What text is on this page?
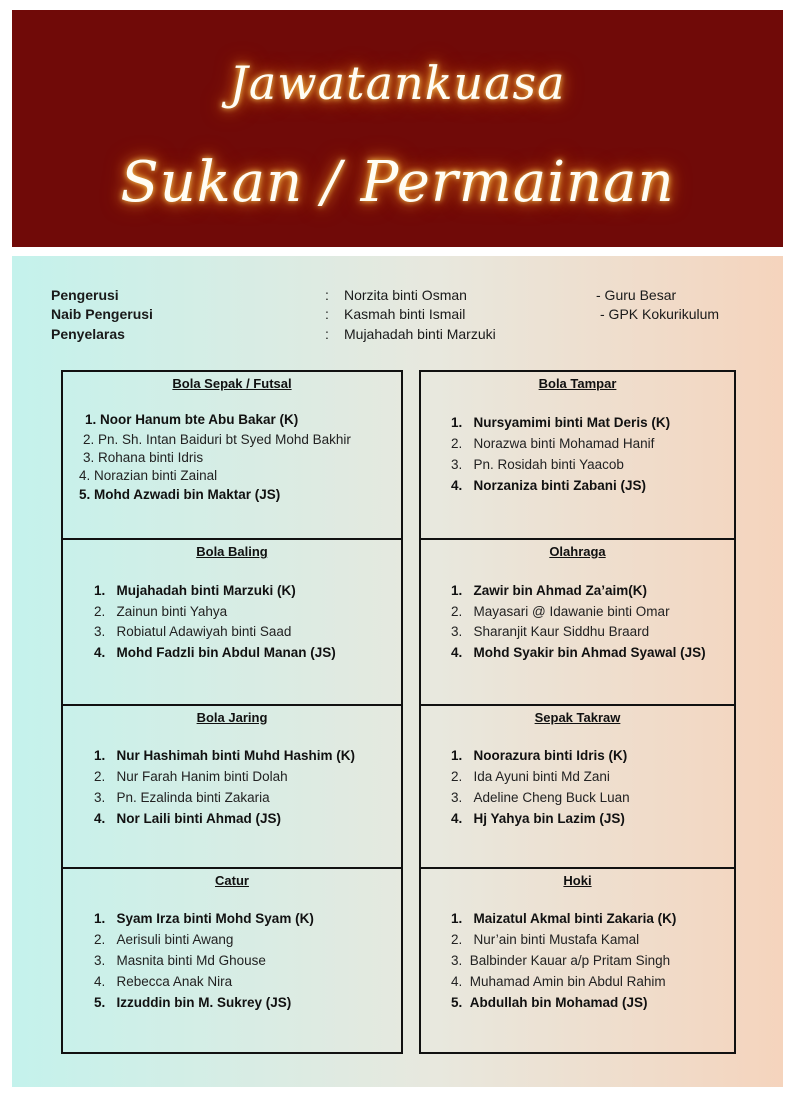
Jawatankuasa
Sukan / Permainan
Pengerusi	: Norzita binti Osman	- Guru Besar
Naib Pengerusi	: Kasmah binti Ismail	- GPK Kokurikulum
Penyelaras	: Mujahadah binti Marzuki
Bola Sepak / Futsal
1. Noor Hanum bte Abu Bakar (K)
2. Pn. Sh. Intan Baiduri bt Syed Mohd Bakhir
3. Rohana binti Idris
4. Norazian binti Zainal
5. Mohd Azwadi bin Maktar (JS)
Bola Baling
1. Mujahadah binti Marzuki (K)
2. Zainun binti Yahya
3. Robiatul Adawiyah binti Saad
4. Mohd Fadzli bin Abdul Manan (JS)
Bola Jaring
1. Nur Hashimah binti Muhd Hashim (K)
2. Nur Farah Hanim binti Dolah
3. Pn. Ezalinda binti Zakaria
4. Nor Laili binti Ahmad (JS)
Catur
1. Syam Irza binti Mohd Syam (K)
2. Aerisuli binti Awang
3. Masnita binti Md Ghouse
4. Rebecca Anak Nira
5. Izzuddin bin M. Sukrey (JS)
Bola Tampar
1. Nursyamimi binti Mat Deris (K)
2. Norazwa binti Mohamad Hanif
3. Pn. Rosidah binti Yaacob
4. Norzaniza binti Zabani (JS)
Olahraga
1. Zawir bin Ahmad Za’aim(K)
2. Mayasari @ Idawanie binti Omar
3. Sharanjit Kaur Siddhu Braard
4. Mohd Syakir bin Ahmad Syawal (JS)
Sepak Takraw
1. Noorazura binti Idris (K)
2. Ida Ayuni binti Md Zani
3. Adeline Cheng Buck Luan
4. Hj Yahya bin Lazim (JS)
Hoki
1. Maizatul Akmal binti Zakaria (K)
2. Nur’ain binti Mustafa Kamal
3. Balbinder Kauar a/p Pritam Singh
4. Muhamad Amin bin Abdul Rahim
5. Abdullah bin Mohamad (JS)
